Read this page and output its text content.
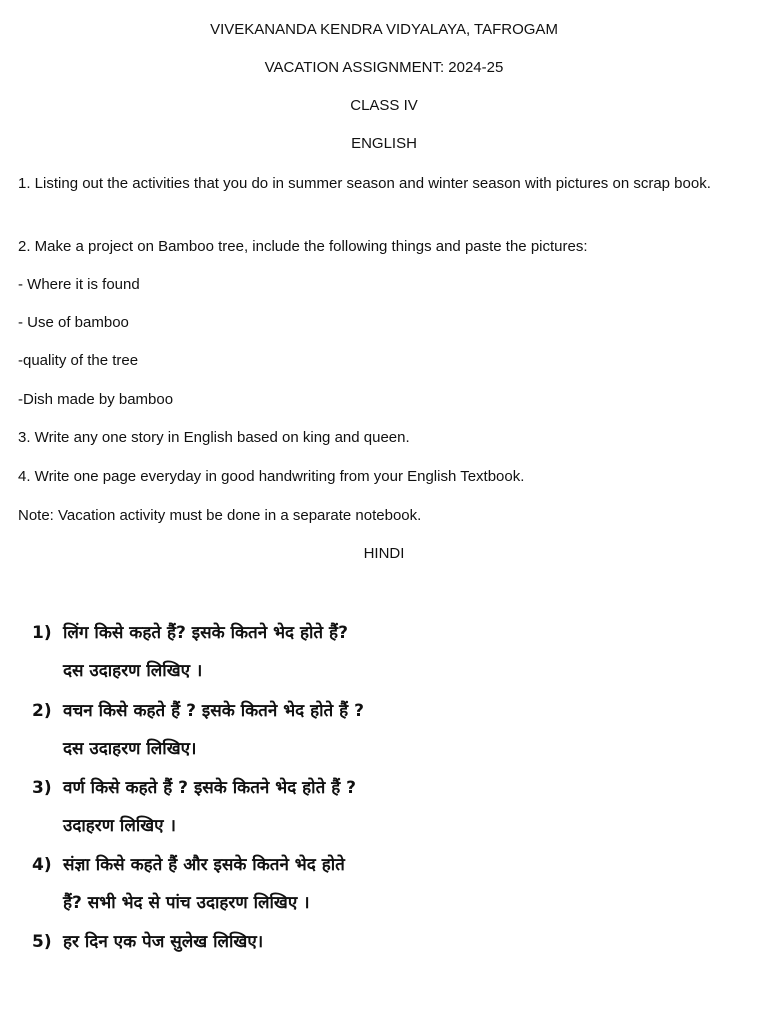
VIVEKANANDA KENDRA VIDYALAYA, TAFROGAM
VACATION ASSIGNMENT: 2024-25
CLASS IV
ENGLISH
1. Listing out the activities that you do in summer season and winter season with pictures on scrap book.
2. Make a project on Bamboo tree, include the following things and paste the pictures:
- Where it is found
- Use of bamboo
-quality of the tree
-Dish made by bamboo
3. Write any one story in English based on king and queen.
4. Write one page everyday in good handwriting from your English Textbook.
Note: Vacation activity must be done in a separate notebook.
HINDI
1) लिंग किसे कहते हैं? इसके कितने भेद होते हैं?
दस उदाहरण लिखिए ।
2) वचन किसे कहते हैं ? इसके कितने भेद होते हैं ?
दस उदाहरण लिखिए।
3) वर्ण किसे कहते हैं ? इसके कितने भेद होते हैं ?
उदाहरण लिखिए ।
4) संज्ञा किसे कहते हैं और इसके कितने भेद होते
हैं? सभी भेद से पांच उदाहरण लिखिए ।
5) हर दिन एक पेज सुलेख लिखिए।
